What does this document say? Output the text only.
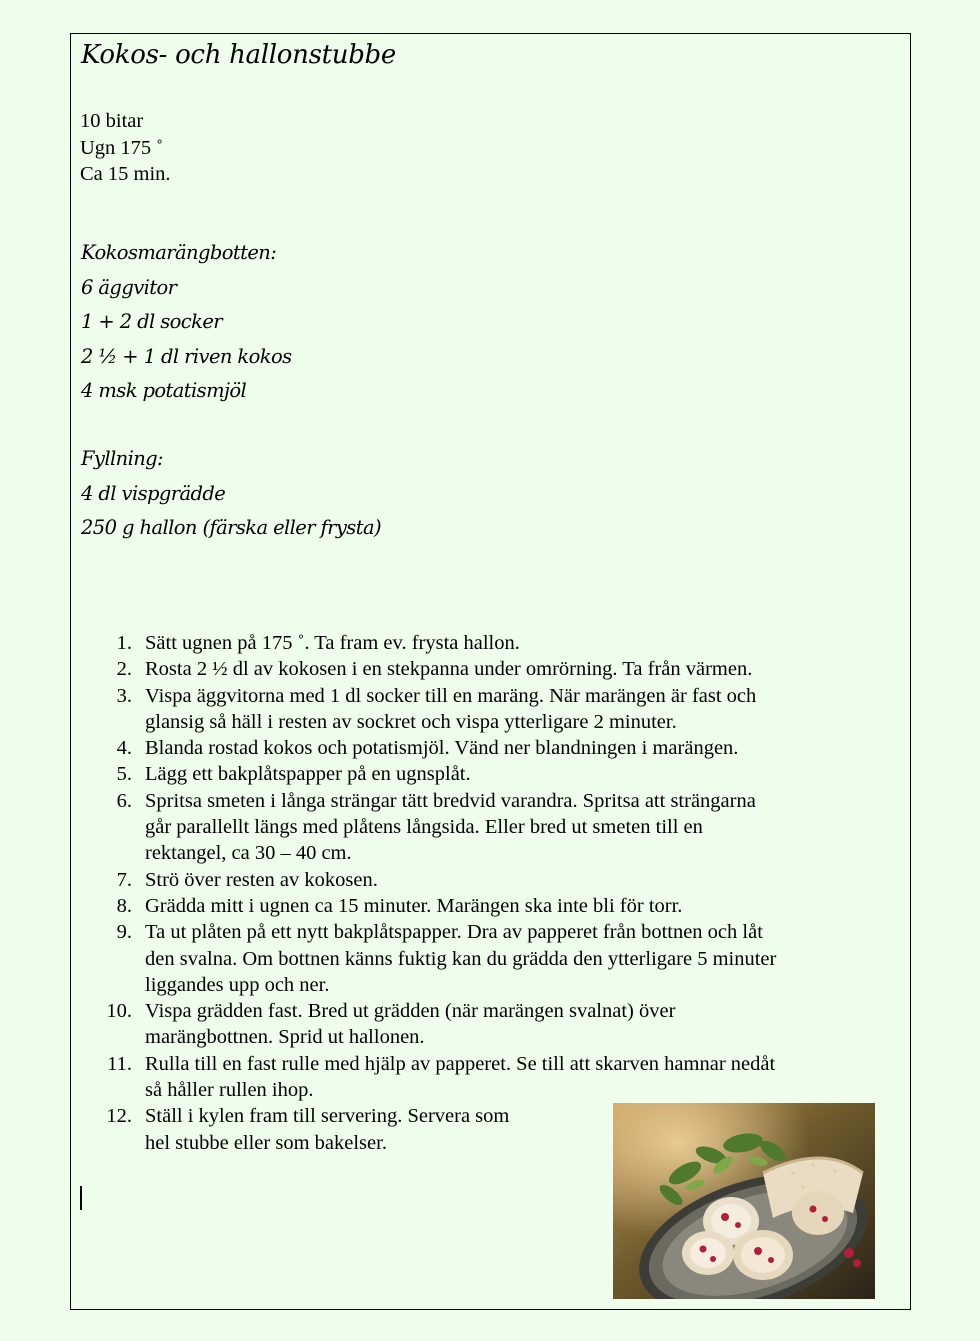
Kokos- och hallonstubbe
10 bitar
Ugn 175 ˚
Ca 15 min.
Kokosmarängbotten:
6 äggvitor
1 + 2 dl socker
2 ½ + 1 dl riven kokos
4 msk potatismjöl
Fyllning:
4 dl vispgrädde
250 g hallon (färska eller frysta)
1. Sätt ugnen på 175 ˚. Ta fram ev. frysta hallon.
2. Rosta 2 ½ dl av kokosen i en stekpanna under omrörning. Ta från värmen.
3. Vispa äggvitorna med 1 dl socker till en maräng. När marängen är fast och
glansig så häll i resten av sockret och vispa ytterligare 2 minuter.
4. Blanda rostad kokos och potatismjöl. Vänd ner blandningen i marängen.
5. Lägg ett bakplåtspapper på en ugnsplåt.
6. Spritsa smeten i långa strängar tätt bredvid varandra. Spritsa att strängarna
går parallellt längs med plåtens långsida. Eller bred ut smeten till en
rektangel, ca 30 – 40 cm.
7. Strö över resten av kokosen.
8. Grädda mitt i ugnen ca 15 minuter. Marängen ska inte bli för torr.
9. Ta ut plåten på ett nytt bakplåtspapper. Dra av papperet från bottnen och låt
den svalna. Om bottnen känns fuktig kan du grädda den ytterligare 5 minuter
liggandes upp och ner.
10. Vispa grädden fast. Bred ut grädden (när marängen svalnat) över
marängbottnen. Sprid ut hallonen.
11. Rulla till en fast rulle med hjälp av papperet. Se till att skarven hamnar nedåt
så håller rullen ihop.
12. Ställ i kylen fram till servering. Servera som
hel stubbe eller som bakelser.
